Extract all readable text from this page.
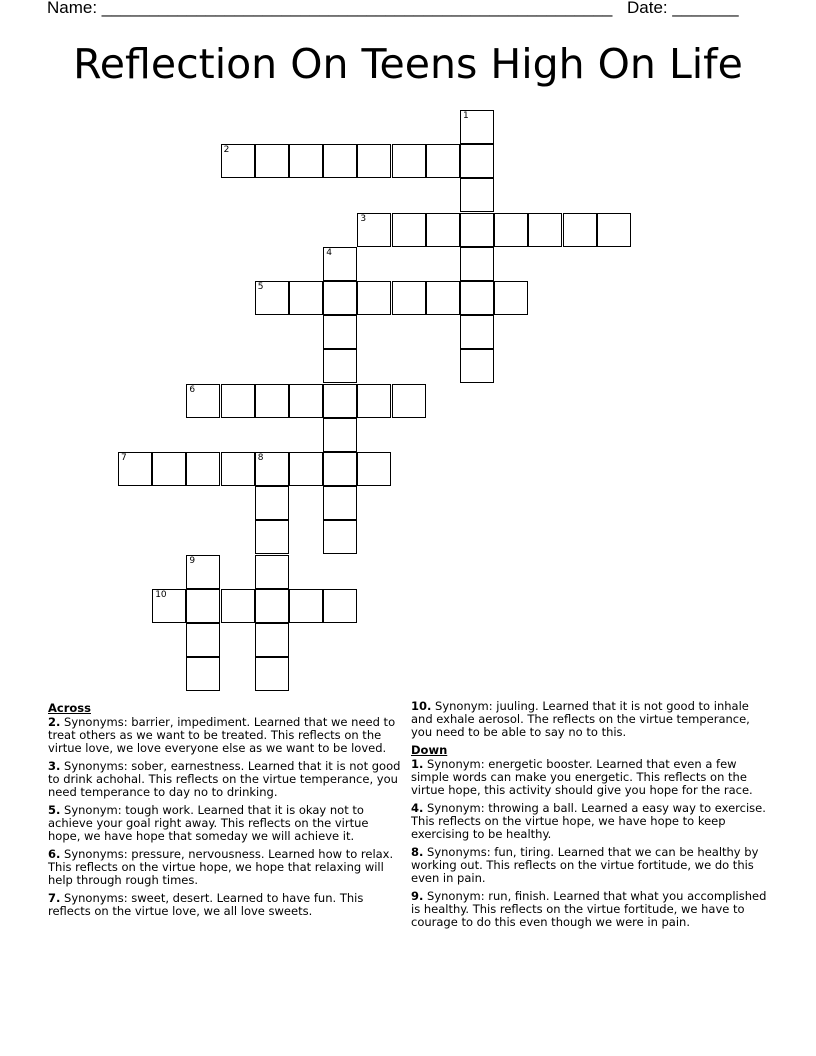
Name: ______________________________________________________ Date: _______
Reflection On Teens High On Life
1
2
3
4
5
6
7	8
9
10
Across
2. Synonyms: barrier, impediment. Learned that we need to treat others as we want to be treated. This reflects on the virtue love, we love everyone else as we want to be loved.
3. Synonyms: sober, earnestness. Learned that it is not good to drink achohal. This reflects on the virtue temperance, you need temperance to day no to drinking.
5. Synonym: tough work. Learned that it is okay not to achieve your goal right away. This reflects on the virtue hope, we have hope that someday we will achieve it.
6. Synonyms: pressure, nervousness. Learned how to relax. This reflects on the virtue hope, we hope that relaxing will help through rough times.
7. Synonyms: sweet, desert. Learned to have fun. This reflects on the virtue love, we all love sweets.
10. Synonym: juuling. Learned that it is not good to inhale and exhale aerosol. The reflects on the virtue temperance, you need to be able to say no to this.
Down
1. Synonym: energetic booster. Learned that even a few simple words can make you energetic. This reflects on the virtue hope, this activity should give you hope for the race.
4. Synonym: throwing a ball. Learned a easy way to exercise. This reflects on the virtue hope, we have hope to keep exercising to be healthy.
8. Synonyms: fun, tiring. Learned that we can be healthy by working out. This reflects on the virtue fortitude, we do this even in pain.
9. Synonym: run, finish. Learned that what you accomplished is healthy. This reflects on the virtue fortitude, we have to courage to do this even though we were in pain.
